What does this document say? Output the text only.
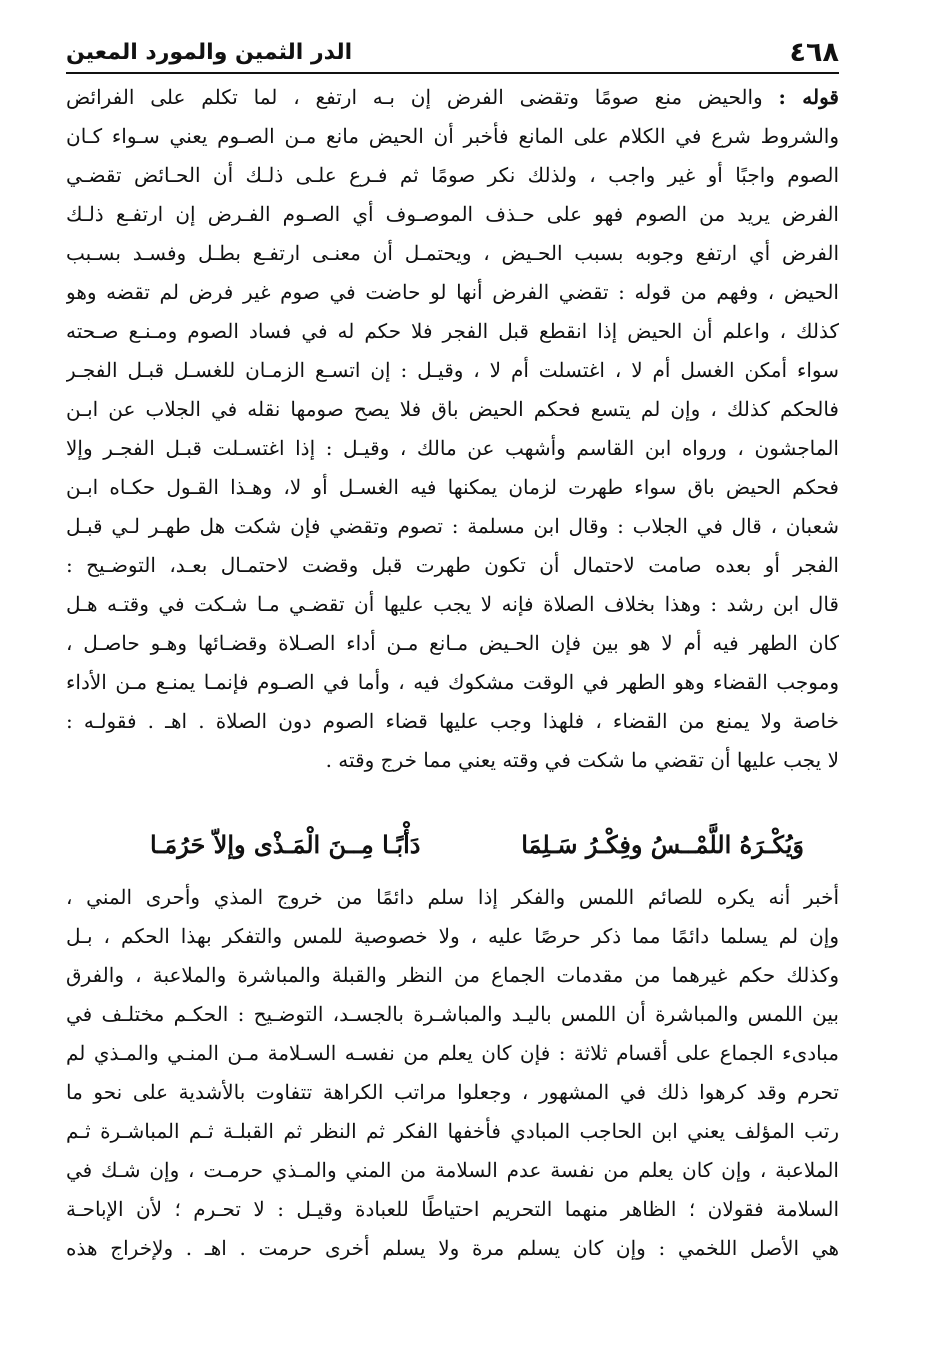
٤٦٨
الدر الثمين والمورد المعين
قوله : والحيض منع صومًا وتقضى الفرض إن بـه ارتفع ، لما تكلم على الفرائض
والشروط شرع في الكلام على المانع فأخبر أن الحيض مانع مـن الصـوم يعني سـواء كـان
الصوم واجبًا أو غير واجب ، ولذلك نكر صومًا ثم فـرع علـى ذلـك أن الحـائض تقضـي
الفرض يريد من الصوم فهو على حـذف الموصـوف أي الصـوم الفـرض إن ارتفـع ذلـك
الفرض أي ارتفع وجوبه بسبب الحـيض ، ويحتمـل أن معنـى ارتفـع بطـل وفسـد بسـبب
الحيض ، وفهم من قوله : تقضي الفرض أنها لو حاضت في صوم غير فرض لم تقضه وهو
كذلك ، واعلم أن الحيض إذا انقطع قبل الفجر فلا حكم له في فساد الصوم ومـنـع صـحته
سواء أمكن الغسل أم لا ، اغتسلت أم لا ، وقيـل : إن اتسـع الزمـان للغسـل قبـل الفجـر
فالحكم كذلك ، وإن لم يتسع فحكم الحيض باق فلا يصح صومها نقله في الجلاب عن ابـن
الماجشون ، ورواه ابن القاسم وأشهب عن مالك ، وقيـل : إذا اغتسـلت قبـل الفجـر وإلا
فحكم الحيض باق سواء طهرت لزمان يمكنها فيه الغسـل أو لا، وهـذا القـول حكـاه ابـن
شعبان ، قال في الجلاب : وقال ابن مسلمة : تصوم وتقضي فإن شكت هل طهـر لـي قبـل
الفجر أو بعده صامت لاحتمال أن تكون طهرت قبل وقضت لاحتمـال بعـد، التوضـيح :
قال ابن رشد : وهذا بخلاف الصلاة فإنه لا يجب عليها أن تقضـي مـا شـكت في وقتـه هـل
كان الطهر فيه أم لا هو بين فإن الحـيض مـانع مـن أداء الصـلاة وقضـائها وهـو حاصـل ،
وموجب القضاء وهو الطهر في الوقت مشكوك فيه ، وأما في الصـوم فإنمـا يمنـع مـن الأداء
خاصة ولا يمنع من القضاء ، فلهذا وجب عليها قضاء الصوم دون الصلاة . اهـ . فقولـه :
لا يجب عليها أن تقضي ما شكت في وقته يعني مما خرج وقته .
وَيُكْـرَهُ اللَّمْــسُ وفِكْـرُ سَـلِمَا
دَأْبًـا مِــنَ الْمَـذْى وإلاّ حَرُمَـا
أخبر أنه يكره للصائم اللمس والفكر إذا سلم دائمًا من خروج المذي وأحرى المني ،
وإن لم يسلما دائمًا مما ذكر حرصًا عليه ، ولا خصوصية للمس والتفكر بهذا الحكم ، بـل
وكذلك حكم غيرهما من مقدمات الجماع من النظر والقبلة والمباشرة والملاعبة ، والفرق
بين اللمس والمباشرة أن اللمس باليـد والمباشـرة بالجسـد، التوضـيح : الحكـم مختلـف في
مبادىء الجماع على أقسام ثلاثة : فإن كان يعلم من نفسـه السـلامة مـن المنـي والمـذي لم
تحرم وقد كرهوا ذلك في المشهور ، وجعلوا مراتب الكراهة تتفاوت بالأشدية على نحو ما
رتب المؤلف يعني ابن الحاجب المبادي فأخفها الفكر ثم النظر ثم القبلـة ثـم المباشـرة ثـم
الملاعبة ، وإن كان يعلم من نفسة عدم السلامة من المني والمـذي حرمـت ، وإن شـك في
السلامة فقولان ؛ الظاهر منهما التحريم احتياطًا للعبادة وقيـل : لا تحـرم ؛ لأن الإباحـة
هي الأصل اللخمي : وإن كان يسلم مرة ولا يسلم أخرى حرمت . اهـ . ولإخراج هذه
